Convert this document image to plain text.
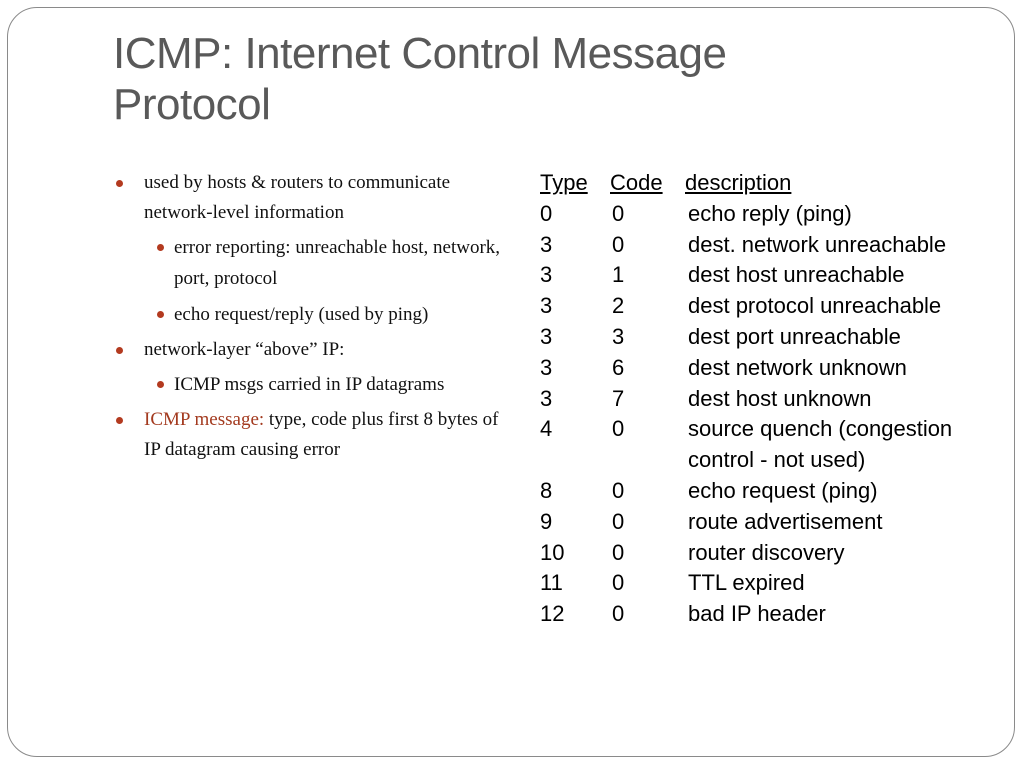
ICMP: Internet Control Message Protocol
used by hosts & routers to communicate network-level information
error reporting: unreachable host, network, port, protocol
echo request/reply (used by ping)
network-layer “above” IP:
ICMP msgs carried in IP datagrams
ICMP message: type, code plus first 8 bytes of IP datagram causing error
Type Code description
0	0	echo reply (ping)
3	0	dest. network unreachable
3	1	dest host unreachable
3	2	dest protocol unreachable
3	3	dest port unreachable
3	6	dest network unknown
3	7	dest host unknown
4	0	source quench (congestion
control - not used)
8	0	echo request (ping)
9	0	route advertisement
10 0	router discovery
11 0	TTL expired
12 0	bad IP header
